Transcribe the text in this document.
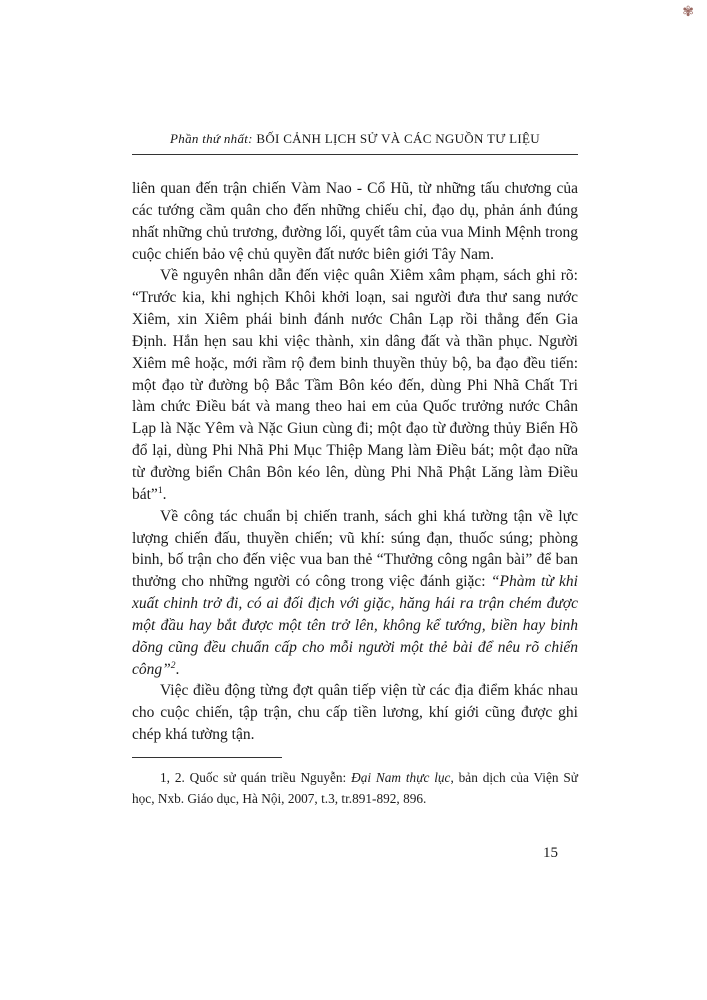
✾
Phần thứ nhất: BỐI CẢNH LỊCH SỬ VÀ CÁC NGUỒN TƯ LIỆU

liên quan đến trận chiến Vàm Nao - Cổ Hũ, từ những tấu chương của các tướng cầm quân cho đến những chiếu chỉ, đạo dụ, phản ánh đúng nhất những chủ trương, đường lối, quyết tâm của vua Minh Mệnh trong cuộc chiến bảo vệ chủ quyền đất nước biên giới Tây Nam.

Về nguyên nhân dẫn đến việc quân Xiêm xâm phạm, sách ghi rõ: “Trước kia, khi nghịch Khôi khởi loạn, sai người đưa thư sang nước Xiêm, xin Xiêm phái binh đánh nước Chân Lạp rồi thẳng đến Gia Định. Hắn hẹn sau khi việc thành, xin dâng đất và thần phục. Người Xiêm mê hoặc, mới rầm rộ đem binh thuyền thủy bộ, ba đạo đều tiến: một đạo từ đường bộ Bắc Tầm Bôn kéo đến, dùng Phi Nhã Chất Tri làm chức Điều bát và mang theo hai em của Quốc trưởng nước Chân Lạp là Nặc Yêm và Nặc Giun cùng đi; một đạo từ đường thủy Biển Hồ đổ lại, dùng Phi Nhã Phi Mục Thiệp Mang làm Điều bát; một đạo nữa từ đường biển Chân Bôn kéo lên, dùng Phi Nhã Phật Lăng làm Điều bát”$^1$.

Về công tác chuẩn bị chiến tranh, sách ghi khá tường tận về lực lượng chiến đấu, thuyền chiến; vũ khí: súng đạn, thuốc súng; phòng binh, bố trận cho đến việc vua ban thẻ “Thưởng công ngân bài” để ban thưởng cho những người có công trong việc đánh giặc: “Phàm từ khi xuất chinh trở đi, có ai đối địch với giặc, hăng hái ra trận chém được một đầu hay bắt được một tên trở lên, không kể tướng, biền hay binh dõng cũng đều chuẩn cấp cho mỗi người một thẻ bài để nêu rõ chiến công”$^2$.

Việc điều động từng đợt quân tiếp viện từ các địa điểm khác nhau cho cuộc chiến, tập trận, chu cấp tiền lương, khí giới cũng được ghi chép khá tường tận.

1, 2. Quốc sử quán triều Nguyễn: Đại Nam thực lục, bản dịch của Viện Sử học, Nxb. Giáo dục, Hà Nội, 2007, t.3, tr.891-892, 896.

15
